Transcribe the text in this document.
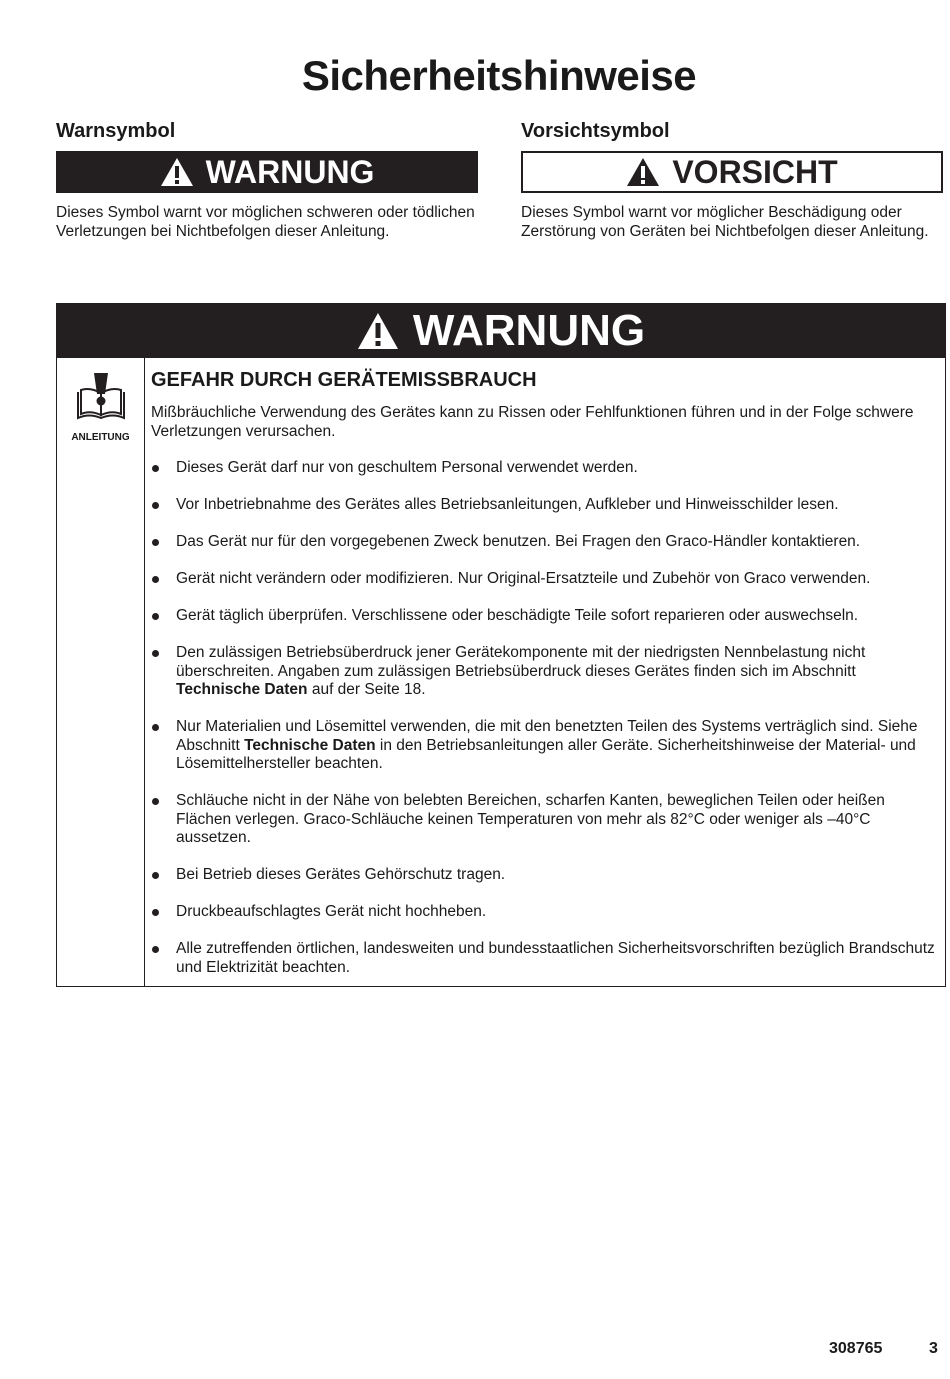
Sicherheitshinweise
Warnsymbol
WARNUNG

Dieses Symbol warnt vor möglichen schweren oder tödlichen Verletzungen bei Nichtbefolgen dieser Anleitung.

Vorsichtsymbol
VORSICHT

Dieses Symbol warnt vor möglicher Beschädigung oder Zerstörung von Geräten bei Nichtbefolgen dieser Anleitung.

WARNUNG
ANLEITUNG
GEFAHR DURCH GERÄTEMISSBRAUCH

Mißbräuchliche Verwendung des Gerätes kann zu Rissen oder Fehlfunktionen führen und in der Folge schwere Verletzungen verursachen.

Dieses Gerät darf nur von geschultem Personal verwendet werden.
Vor Inbetriebnahme des Gerätes alles Betriebsanleitungen, Aufkleber und Hinweisschilder lesen.
Das Gerät nur für den vorgegebenen Zweck benutzen. Bei Fragen den Graco-Händler kontaktieren.
Gerät nicht verändern oder modifizieren. Nur Original-Ersatzteile und Zubehör von Graco verwenden.
Gerät täglich überprüfen. Verschlissene oder beschädigte Teile sofort reparieren oder auswechseln.
Den zulässigen Betriebsüberdruck jener Gerätekomponente mit der niedrigsten Nennbelastung nicht überschreiten. Angaben zum zulässigen Betriebsüberdruck dieses Gerätes finden sich im Abschnitt Technische Daten auf der Seite 18.
Nur Materialien und Lösemittel verwenden, die mit den benetzten Teilen des Systems verträglich sind. Siehe Abschnitt Technische Daten in den Betriebsanleitungen aller Geräte. Sicherheitshinweise der Material- und Lösemittelhersteller beachten.
Schläuche nicht in der Nähe von belebten Bereichen, scharfen Kanten, beweglichen Teilen oder heißen Flächen verlegen. Graco-Schläuche keinen Temperaturen von mehr als 82°C oder weniger als –40°C aussetzen.
Bei Betrieb dieses Gerätes Gehörschutz tragen.
Druckbeaufschlagtes Gerät nicht hochheben.
Alle zutreffenden örtlichen, landesweiten und bundesstaatlichen Sicherheitsvorschriften bezüglich Brandschutz und Elektrizität beachten.
308765	3
